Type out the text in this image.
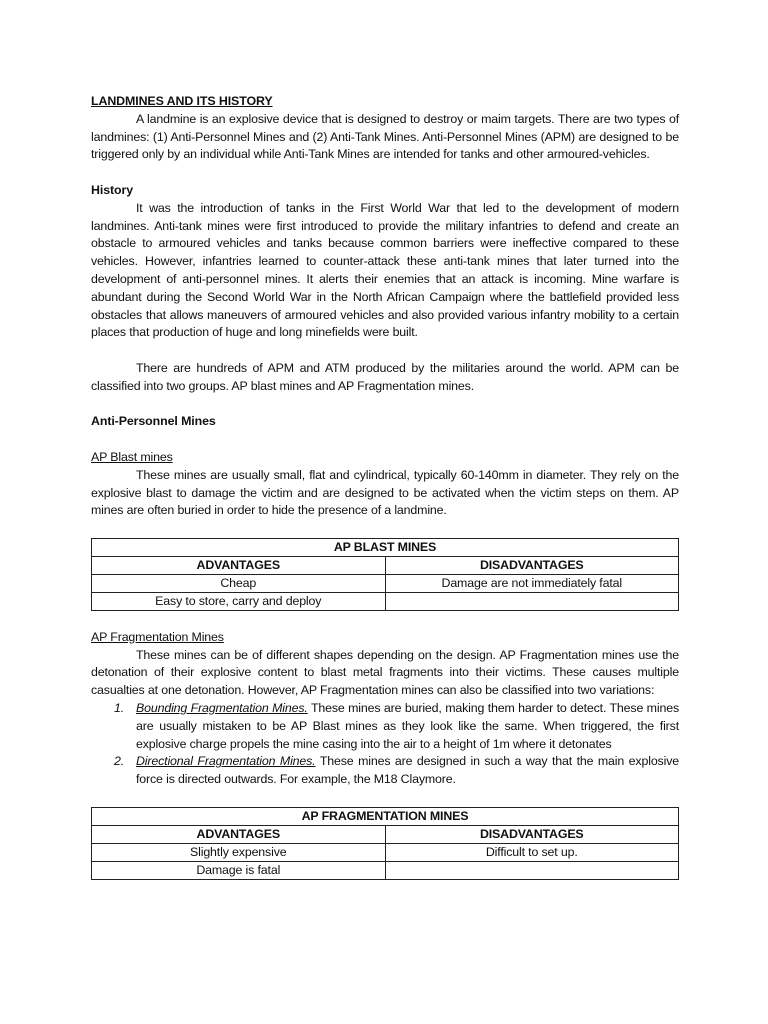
LANDMINES AND ITS HISTORY

A landmine is an explosive device that is designed to destroy or maim targets. There are two types of landmines: (1) Anti-Personnel Mines and (2) Anti-Tank Mines. Anti-Personnel Mines (APM) are designed to be triggered only by an individual while Anti-Tank Mines are intended for tanks and other armoured-vehicles.

History

It was the introduction of tanks in the First World War that led to the development of modern landmines. Anti-tank mines were first introduced to provide the military infantries to defend and create an obstacle to armoured vehicles and tanks because common barriers were ineffective compared to these vehicles. However, infantries learned to counter-attack these anti-tank mines that later turned into the development of anti-personnel mines. It alerts their enemies that an attack is incoming. Mine warfare is abundant during the Second World War in the North African Campaign where the battlefield provided less obstacles that allows maneuvers of armoured vehicles and also provided various infantry mobility to a certain places that production of huge and long minefields were built.

There are hundreds of APM and ATM produced by the militaries around the world. APM can be classified into two groups. AP blast mines and AP Fragmentation mines.

Anti-Personnel Mines
AP Blast mines

These mines are usually small, flat and cylindrical, typically 60-140mm in diameter. They rely on the explosive blast to damage the victim and are designed to be activated when the victim steps on them. AP mines are often buried in order to hide the presence of a landmine.

AP BLAST MINES	
ADVANTAGES	DISADVANTAGES
Cheap	Damage are not immediately fatal
Easy to store, carry and deploy	
AP Fragmentation Mines

These mines can be of different shapes depending on the design. AP Fragmentation mines use the detonation of their explosive content to blast metal fragments into their victims. These causes multiple casualties at one detonation. However, AP Fragmentation mines can also be classified into two variations:

1. Bounding Fragmentation Mines. These mines are buried, making them harder to detect. These mines are usually mistaken to be AP Blast mines as they look like the same. When triggered, the first explosive charge propels the mine casing into the air to a height of 1m where it detonates
2. Directional Fragmentation Mines. These mines are designed in such a way that the main explosive force is directed outwards. For example, the M18 Claymore.
AP FRAGMENTATION MINES	
ADVANTAGES	DISADVANTAGES
Slightly expensive	Difficult to set up.
Damage is fatal	
